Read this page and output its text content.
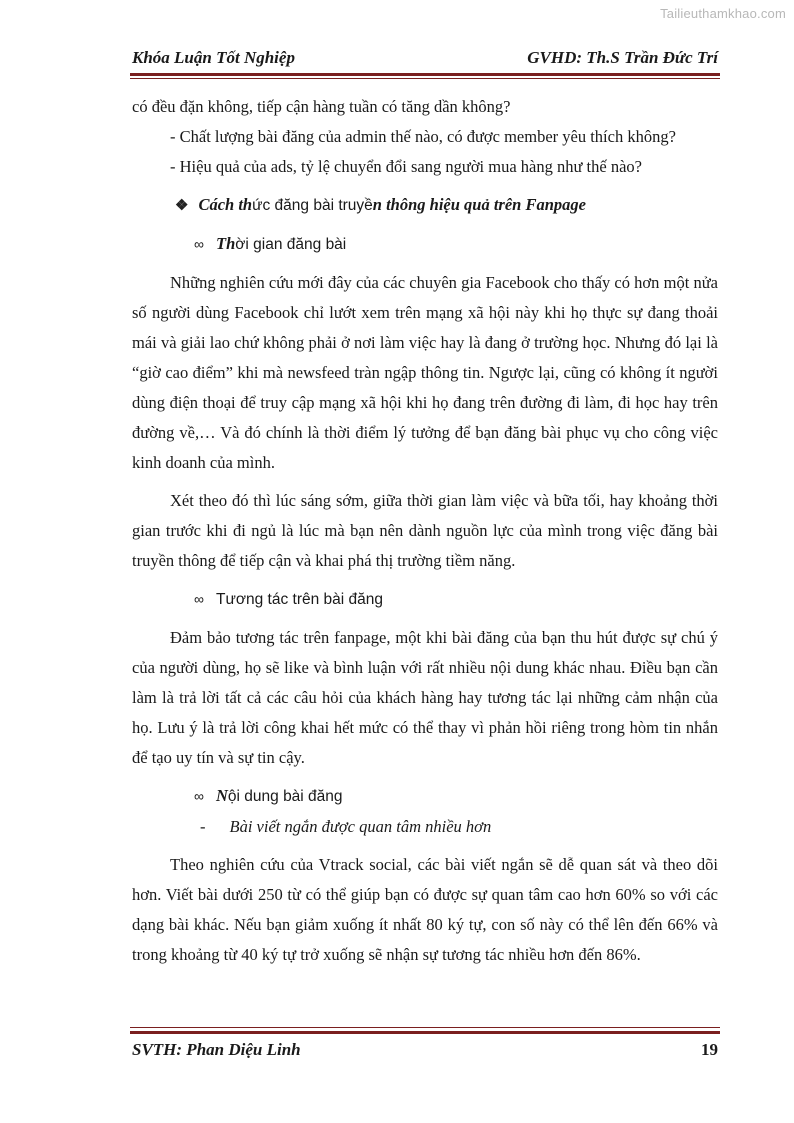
Tailieuthamkhao.com
Khóa Luận Tốt Nghiệp	GVHD: Th.S Trần Đức Trí
có đều đặn không, tiếp cận hàng tuần có tăng dần không?
- Chất lượng bài đăng của admin thế nào, có được member yêu thích không?
- Hiệu quả của ads, tỷ lệ chuyển đổi sang người mua hàng như thế nào?
❖ Cách thức đăng bài truyền thông hiệu quả trên Fanpage
∞ Thời gian đăng bài
Những nghiên cứu mới đây của các chuyên gia Facebook cho thấy có hơn một nửa số người dùng Facebook chỉ lướt xem trên mạng xã hội này khi họ thực sự đang thoải mái và giải lao chứ không phải ở nơi làm việc hay là đang ở trường học. Nhưng đó lại là “giờ cao điểm” khi mà newsfeed tràn ngập thông tin. Ngược lại, cũng có không ít người dùng điện thoại để truy cập mạng xã hội khi họ đang trên đường đi làm, đi học hay trên đường về,… Và đó chính là thời điểm lý tưởng để bạn đăng bài phục vụ cho công việc kinh doanh của mình.
Xét theo đó thì lúc sáng sớm, giữa thời gian làm việc và bữa tối, hay khoảng thời gian trước khi đi ngủ là lúc mà bạn nên dành nguồn lực của mình trong việc đăng bài truyền thông để tiếp cận và khai phá thị trường tiềm năng.
∞ Tương tác trên bài đăng
Đảm bảo tương tác trên fanpage, một khi bài đăng của bạn thu hút được sự chú ý của người dùng, họ sẽ like và bình luận với rất nhiều nội dung khác nhau. Điều bạn cần làm là trả lời tất cả các câu hỏi của khách hàng hay tương tác lại những cảm nhận của họ. Lưu ý là trả lời công khai hết mức có thể thay vì phản hồi riêng trong hòm tin nhắn để tạo uy tín và sự tin cậy.
∞ Nội dung bài đăng
- Bài viết ngắn được quan tâm nhiều hơn
Theo nghiên cứu của Vtrack social, các bài viết ngắn sẽ dễ quan sát và theo dõi hơn. Viết bài dưới 250 từ có thể giúp bạn có được sự quan tâm cao hơn 60% so với các dạng bài khác. Nếu bạn giảm xuống ít nhất 80 ký tự, con số này có thể lên đến 66% và trong khoảng từ 40 ký tự trở xuống sẽ nhận sự tương tác nhiều hơn đến 86%.
SVTH: Phan Diệu Linh	19
